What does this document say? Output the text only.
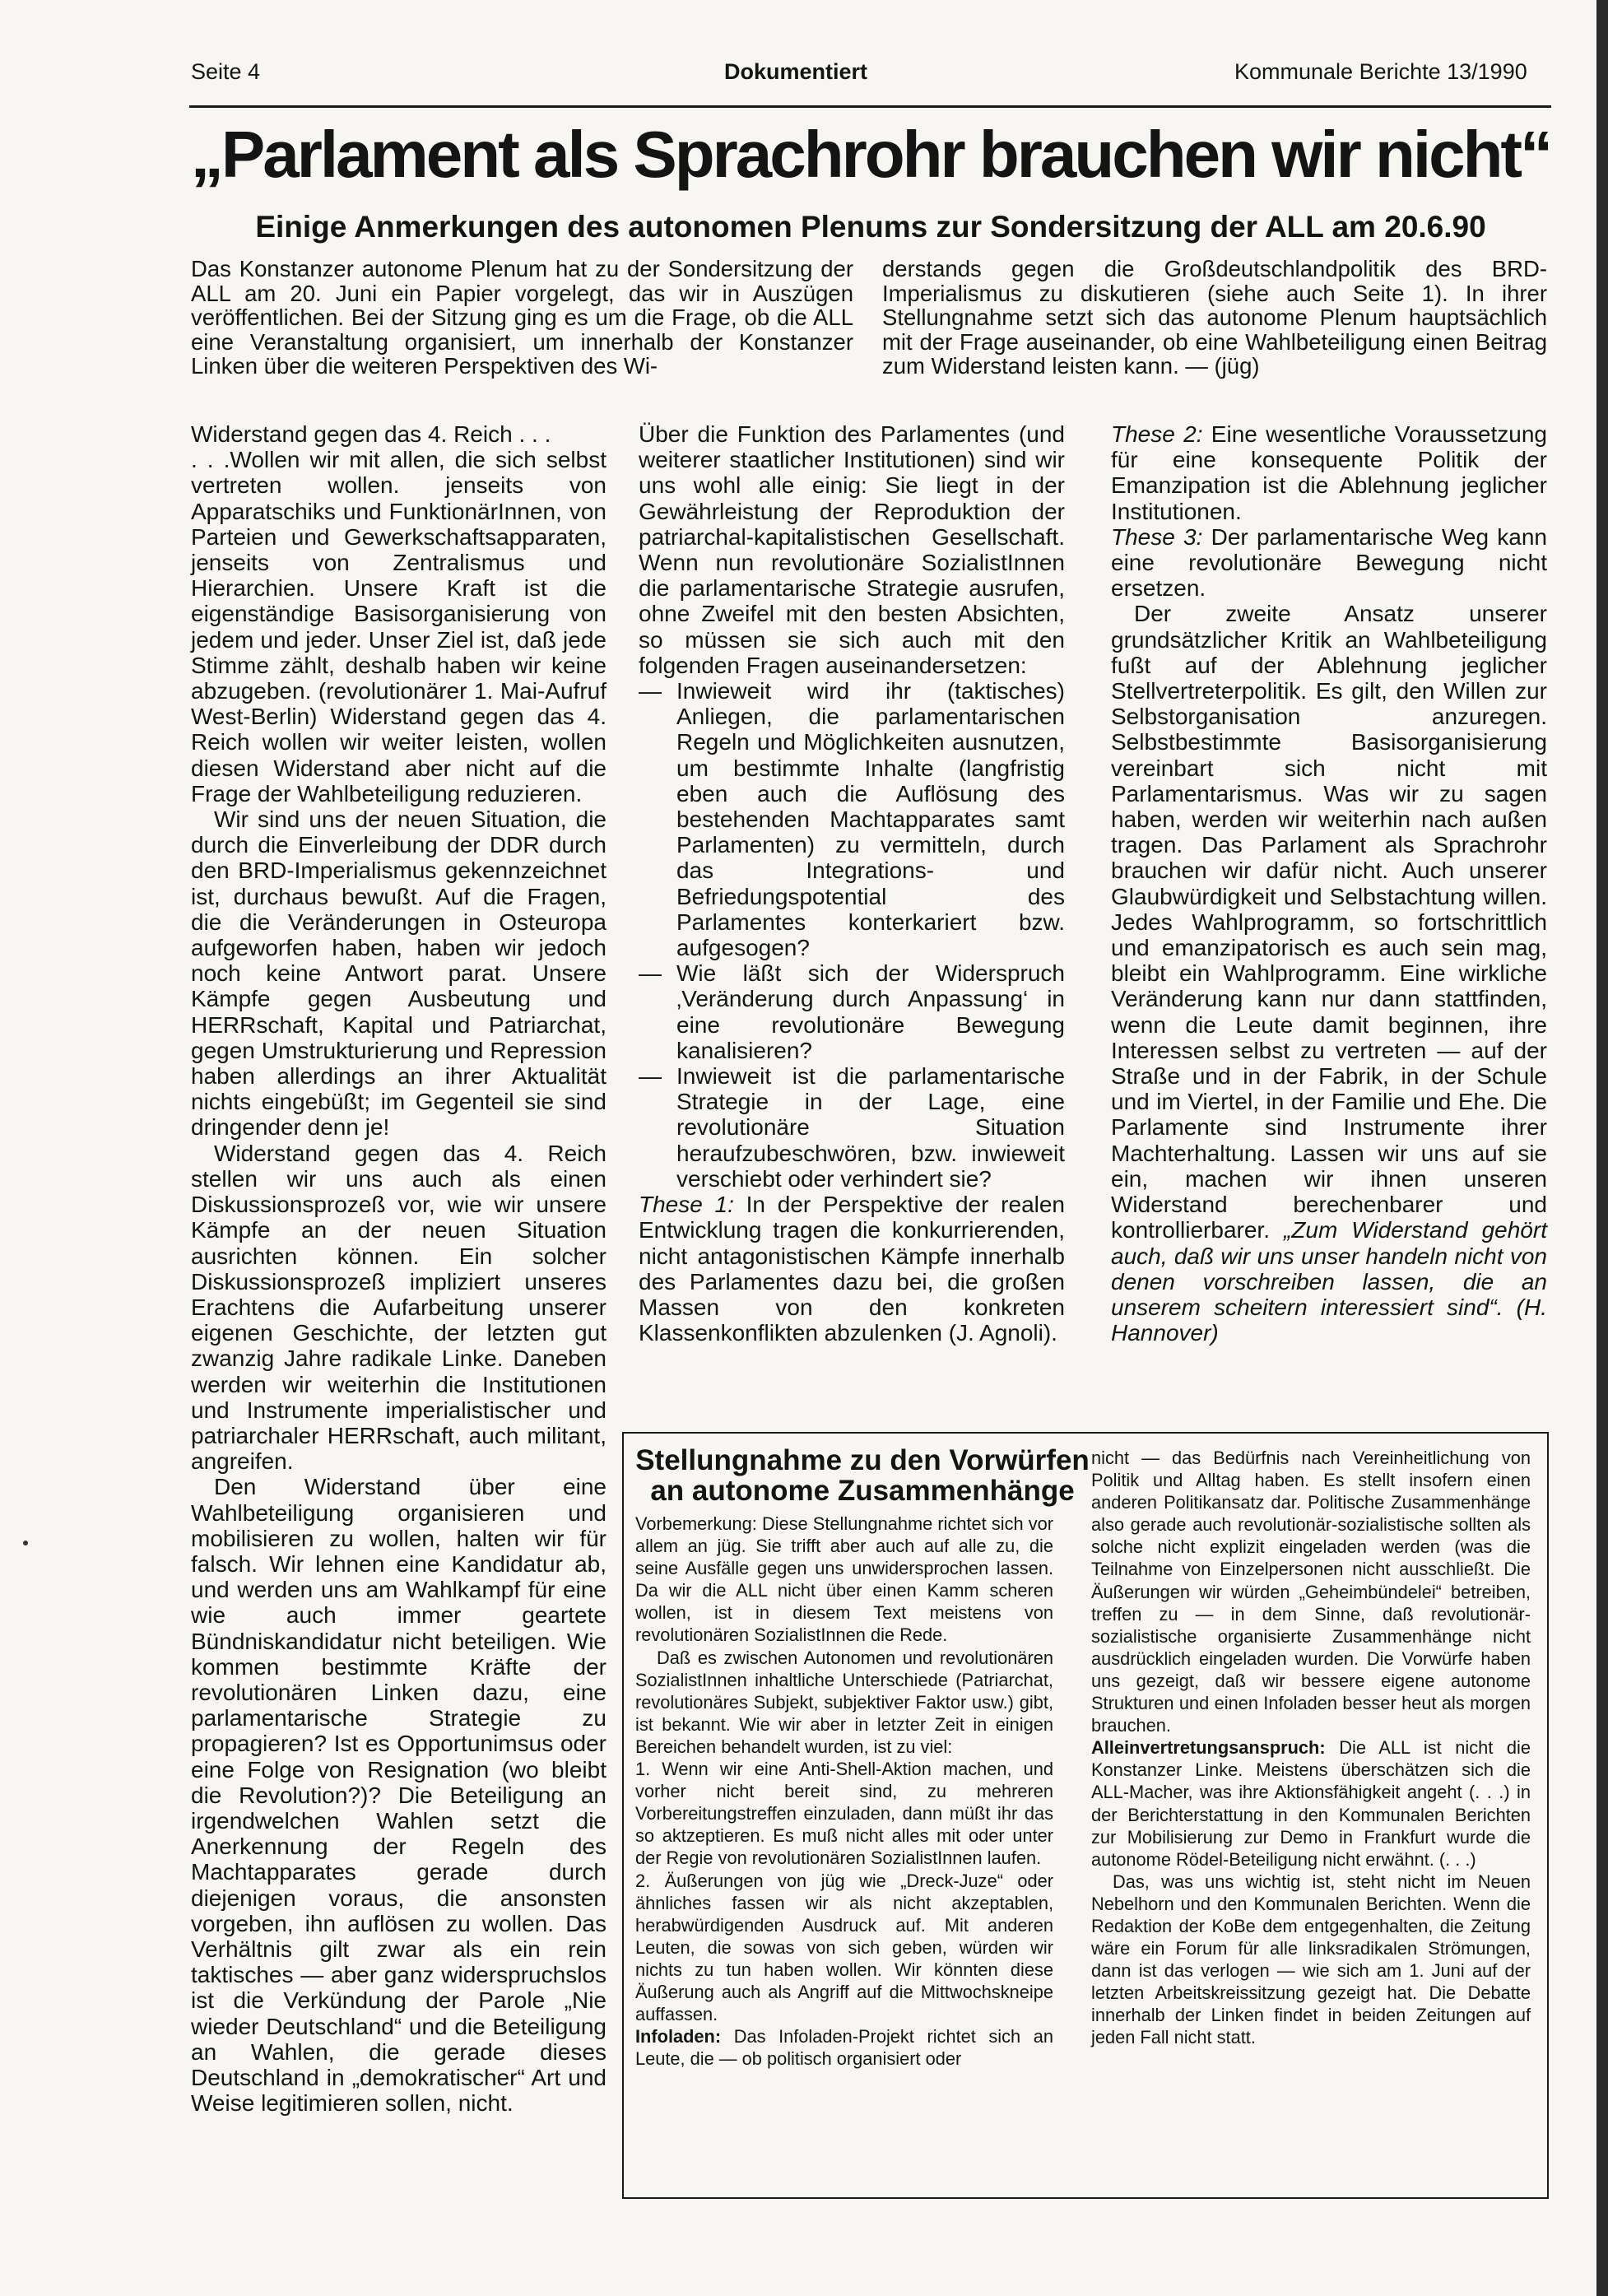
Seite 4	Dokumentiert	Kommunale Berichte 13/1990
„Parlament als Sprachrohr brauchen wir nicht“
Einige Anmerkungen des autonomen Plenums zur Sondersitzung der ALL am 20.6.90

Das Konstanzer autonome Plenum hat zu der Sondersitzung der ALL am 20. Juni ein Papier vorgelegt, das wir in Auszügen veröffentlichen. Bei der Sitzung ging es um die Frage, ob die ALL eine Veranstaltung organisiert, um innerhalb der Konstanzer Linken über die weiteren Perspektiven des Wi-

derstands gegen die Großdeutschlandpolitik des BRD-Imperialismus zu diskutieren (siehe auch Seite 1). In ihrer Stellungnahme setzt sich das autonome Plenum hauptsächlich mit der Frage auseinander, ob eine Wahlbeteiligung einen Beitrag zum Widerstand leisten kann. — (jüg)

Widerstand gegen das 4. Reich . . .

. . .Wollen wir mit allen, die sich selbst vertreten wollen. jenseits von Apparatschiks und FunktionärInnen, von Parteien und Gewerkschaftsapparaten, jenseits von Zentralismus und Hierarchien. Unsere Kraft ist die eigenständige Basisorganisierung von jedem und jeder. Unser Ziel ist, daß jede Stimme zählt, deshalb haben wir keine abzugeben. (revolutionärer 1. Mai-Aufruf West-Berlin) Widerstand gegen das 4. Reich wollen wir weiter leisten, wollen diesen Widerstand aber nicht auf die Frage der Wahlbeteiligung reduzieren.

Wir sind uns der neuen Situation, die durch die Einverleibung der DDR durch den BRD-Imperialismus gekennzeichnet ist, durchaus bewußt. Auf die Fragen, die die Veränderungen in Osteuropa aufgeworfen haben, haben wir jedoch noch keine Antwort parat. Unsere Kämpfe gegen Ausbeutung und HERRschaft, Kapital und Patriarchat, gegen Umstrukturierung und Repression haben allerdings an ihrer Aktualität nichts eingebüßt; im Gegenteil sie sind dringender denn je!

Widerstand gegen das 4. Reich stellen wir uns auch als einen Diskussionsprozeß vor, wie wir unsere Kämpfe an der neuen Situation ausrichten können. Ein solcher Diskussionsprozeß impliziert unseres Erachtens die Aufarbeitung unserer eigenen Geschichte, der letzten gut zwanzig Jahre radikale Linke. Daneben werden wir weiterhin die Institutionen und Instrumente imperialistischer und patriarchaler HERRschaft, auch militant, angreifen.

Den Widerstand über eine Wahlbeteiligung organisieren und mobilisieren zu wollen, halten wir für falsch. Wir lehnen eine Kandidatur ab, und werden uns am Wahlkampf für eine wie auch immer geartete Bündniskandidatur nicht beteiligen. Wie kommen bestimmte Kräfte der revolutionären Linken dazu, eine parlamentarische Strategie zu propagieren? Ist es Opportunimsus oder eine Folge von Resignation (wo bleibt die Revolution?)? Die Beteiligung an irgendwelchen Wahlen setzt die Anerkennung der Regeln des Machtapparates gerade durch diejenigen voraus, die ansonsten vorgeben, ihn auflösen zu wollen. Das Verhältnis gilt zwar als ein rein taktisches — aber ganz widerspruchslos ist die Verkündung der Parole „Nie wieder Deutschland“ und die Beteiligung an Wahlen, die gerade dieses Deutschland in „demokratischer“ Art und Weise legitimieren sollen, nicht.

Über die Funktion des Parlamentes (und weiterer staatlicher Institutionen) sind wir uns wohl alle einig: Sie liegt in der Gewährleistung der Reproduktion der patriarchal-kapitalistischen Gesellschaft. Wenn nun revolutionäre SozialistInnen die parlamentarische Strategie ausrufen, ohne Zweifel mit den besten Absichten, so müssen sie sich auch mit den folgenden Fragen auseinandersetzen:

— Inwieweit wird ihr (taktisches) Anliegen, die parlamentarischen Regeln und Möglichkeiten ausnutzen, um bestimmte Inhalte (langfristig eben auch die Auflösung des bestehenden Machtapparates samt Parlamenten) zu vermitteln, durch das Integrations- und Befriedungspotential des Parlamentes konterkariert bzw. aufgesogen?
— Wie läßt sich der Widerspruch ‚Veränderung durch Anpassung‘ in eine revolutionäre Bewegung kanalisieren?
— Inwieweit ist die parlamentarische Strategie in der Lage, eine revolutionäre Situation heraufzubeschwören, bzw. inwieweit verschiebt oder verhindert sie?

These 1: In der Perspektive der realen Entwicklung tragen die konkurrierenden, nicht antagonistischen Kämpfe innerhalb des Parlamentes dazu bei, die großen Massen von den konkreten Klassenkonflikten abzulenken (J. Agnoli).

These 2: Eine wesentliche Voraussetzung für eine konsequente Politik der Emanzipation ist die Ablehnung jeglicher Institutionen.

These 3: Der parlamentarische Weg kann eine revolutionäre Bewegung nicht ersetzen.

Der zweite Ansatz unserer grundsätzlicher Kritik an Wahlbeteiligung fußt auf der Ablehnung jeglicher Stellvertreterpolitik. Es gilt, den Willen zur Selbstorganisation anzuregen. Selbstbestimmte Basisorganisierung vereinbart sich nicht mit Parlamentarismus. Was wir zu sagen haben, werden wir weiterhin nach außen tragen. Das Parlament als Sprachrohr brauchen wir dafür nicht. Auch unserer Glaubwürdigkeit und Selbstachtung willen. Jedes Wahlprogramm, so fortschrittlich und emanzipatorisch es auch sein mag, bleibt ein Wahlprogramm. Eine wirkliche Veränderung kann nur dann stattfinden, wenn die Leute damit beginnen, ihre Interessen selbst zu vertreten — auf der Straße und in der Fabrik, in der Schule und im Viertel, in der Familie und Ehe. Die Parlamente sind Instrumente ihrer Machterhaltung. Lassen wir uns auf sie ein, machen wir ihnen unseren Widerstand berechenbarer und kontrollierbarer. „Zum Widerstand gehört auch, daß wir uns unser handeln nicht von denen vorschreiben lassen, die an unserem scheitern interessiert sind“. (H. Hannover)

Stellungnahme zu den Vorwürfen an autonome Zusammenhänge

Vorbemerkung: Diese Stellungnahme richtet sich vor allem an jüg. Sie trifft aber auch auf alle zu, die seine Ausfälle gegen uns unwidersprochen lassen. Da wir die ALL nicht über einen Kamm scheren wollen, ist in diesem Text meistens von revolutionären SozialistInnen die Rede.

Daß es zwischen Autonomen und revolutionären SozialistInnen inhaltliche Unterschiede (Patriarchat, revolutionäres Subjekt, subjektiver Faktor usw.) gibt, ist bekannt. Wie wir aber in letzter Zeit in einigen Bereichen behandelt wurden, ist zu viel:

1. Wenn wir eine Anti-Shell-Aktion machen, und vorher nicht bereit sind, zu mehreren Vorbereitungstreffen einzuladen, dann müßt ihr das so aktzeptieren. Es muß nicht alles mit oder unter der Regie von revolutionären SozialistInnen laufen.

2. Äußerungen von jüg wie „Dreck-Juze“ oder ähnliches fassen wir als nicht akzeptablen, herabwürdigenden Ausdruck auf. Mit anderen Leuten, die sowas von sich geben, würden wir nichts zu tun haben wollen. Wir könnten diese Äußerung auch als Angriff auf die Mittwochskneipe auffassen.

Infoladen: Das Infoladen-Projekt richtet sich an Leute, die — ob politisch organisiert oder

nicht — das Bedürfnis nach Vereinheitlichung von Politik und Alltag haben. Es stellt insofern einen anderen Politikansatz dar. Politische Zusammenhänge also gerade auch revolutionär-sozialistische sollten als solche nicht explizit eingeladen werden (was die Teilnahme von Einzelpersonen nicht ausschließt. Die Äußerungen wir würden „Geheimbündelei“ betreiben, treffen zu — in dem Sinne, daß revolutionär-sozialistische organisierte Zusammenhänge nicht ausdrücklich eingeladen wurden. Die Vorwürfe haben uns gezeigt, daß wir bessere eigene autonome Strukturen und einen Infoladen besser heut als morgen brauchen.

Alleinvertretungsanspruch: Die ALL ist nicht die Konstanzer Linke. Meistens überschätzen sich die ALL-Macher, was ihre Aktionsfähigkeit angeht (. . .) in der Berichterstattung in den Kommunalen Berichten zur Mobilisierung zur Demo in Frankfurt wurde die autonome Rödel-Beteiligung nicht erwähnt. (. . .)

Das, was uns wichtig ist, steht nicht im Neuen Nebelhorn und den Kommunalen Berichten. Wenn die Redaktion der KoBe dem entgegenhalten, die Zeitung wäre ein Forum für alle linksradikalen Strömungen, dann ist das verlogen — wie sich am 1. Juni auf der letzten Arbeitskreissitzung gezeigt hat. Die Debatte innerhalb der Linken findet in beiden Zeitungen auf jeden Fall nicht statt.
